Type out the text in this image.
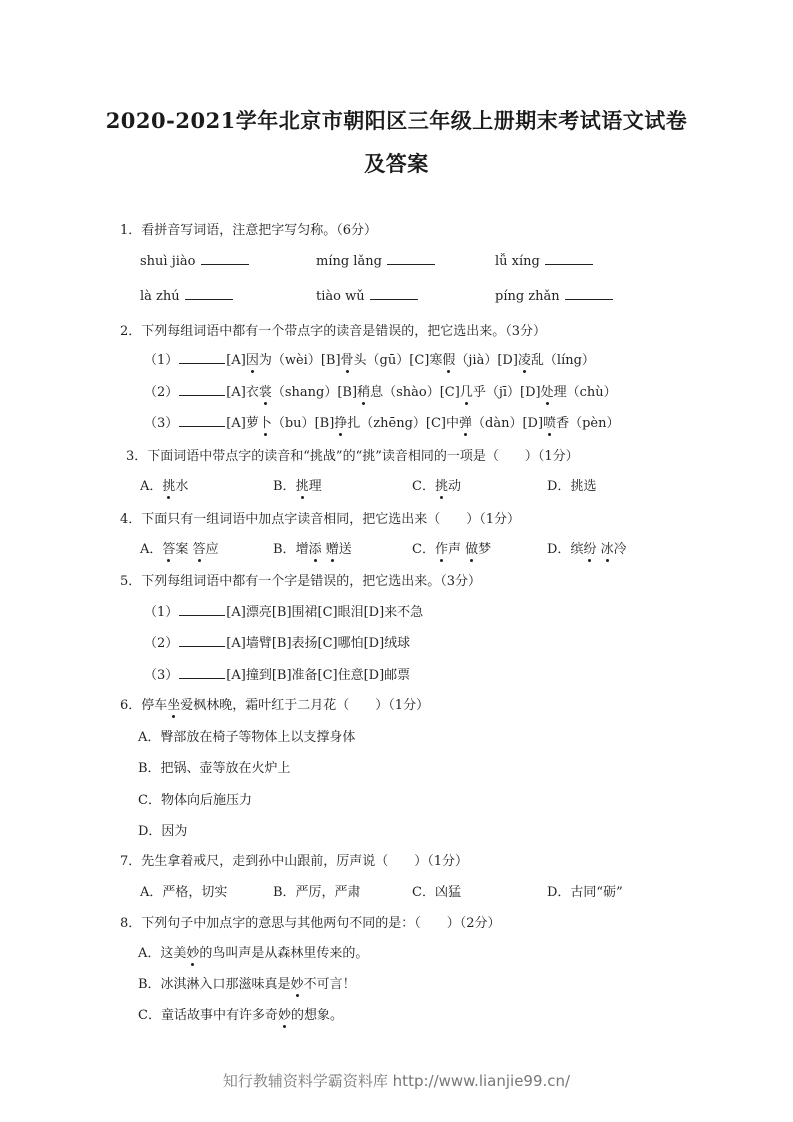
2020-2021学年北京市朝阳区三年级上册期末考试语文试卷
及答案
1．看拼音写词语，注意把字写匀称。（6分）
shuì jiào	míng lǎng	lǚ xíng
là zhú	tiào wǔ	píng zhǎn
2．下列每组词语中都有一个带点字的读音是错误的，把它选出来。（3分）
（1）	[A]因为（wèi）[B]骨头（gū）[C]寒假（jià）[D]凌乱（líng）
（2）	[A]衣裳（shang）[B]稍息（shào）[C]几乎（jī）[D]处理（chù）
（3）	[A]萝卜（bu）[B]挣扎（zhēng）[C]中弹（dàn）[D]喷香（pèn）
3．下面词语中带点字的读音和“挑战”的“挑”读音相同的一项是（　　）（1分）
A．挑水	B．挑理	C．挑动	D．挑选
4．下面只有一组词语中加点字读音相同，把它选出来（　　）（1分）
A．答案 答应	B．增添 赠送	C．作声 做梦	D．缤纷 冰冷
5．下列每组词语中都有一个字是错误的，把它选出来。（3分）
（1）	[A]漂亮[B]围裙[C]眼泪[D]来不急
（2）	[A]墙臂[B]表扬[C]哪怕[D]绒球
（3）	[A]撞到[B]准备[C]住意[D]邮票
6．停车坐爱枫林晚，霜叶红于二月花（　　）（1分）
A．臀部放在椅子等物体上以支撑身体
B．把锅、壶等放在火炉上
C．物体向后施压力
D．因为
7．先生拿着戒尺，走到孙中山跟前，厉声说（　　）（1分）
A．严格，切实	B．严厉，严肃	C．凶猛	D．古同“砺”
8．下列句子中加点字的意思与其他两句不同的是：（　　）（2分）
A．这美妙的鸟叫声是从森林里传来的。
B．冰淇淋入口那滋味真是妙不可言！
C．童话故事中有许多奇妙的想象。
知行教辅资料学霸资料库 http://www.lianjie99.cn/
